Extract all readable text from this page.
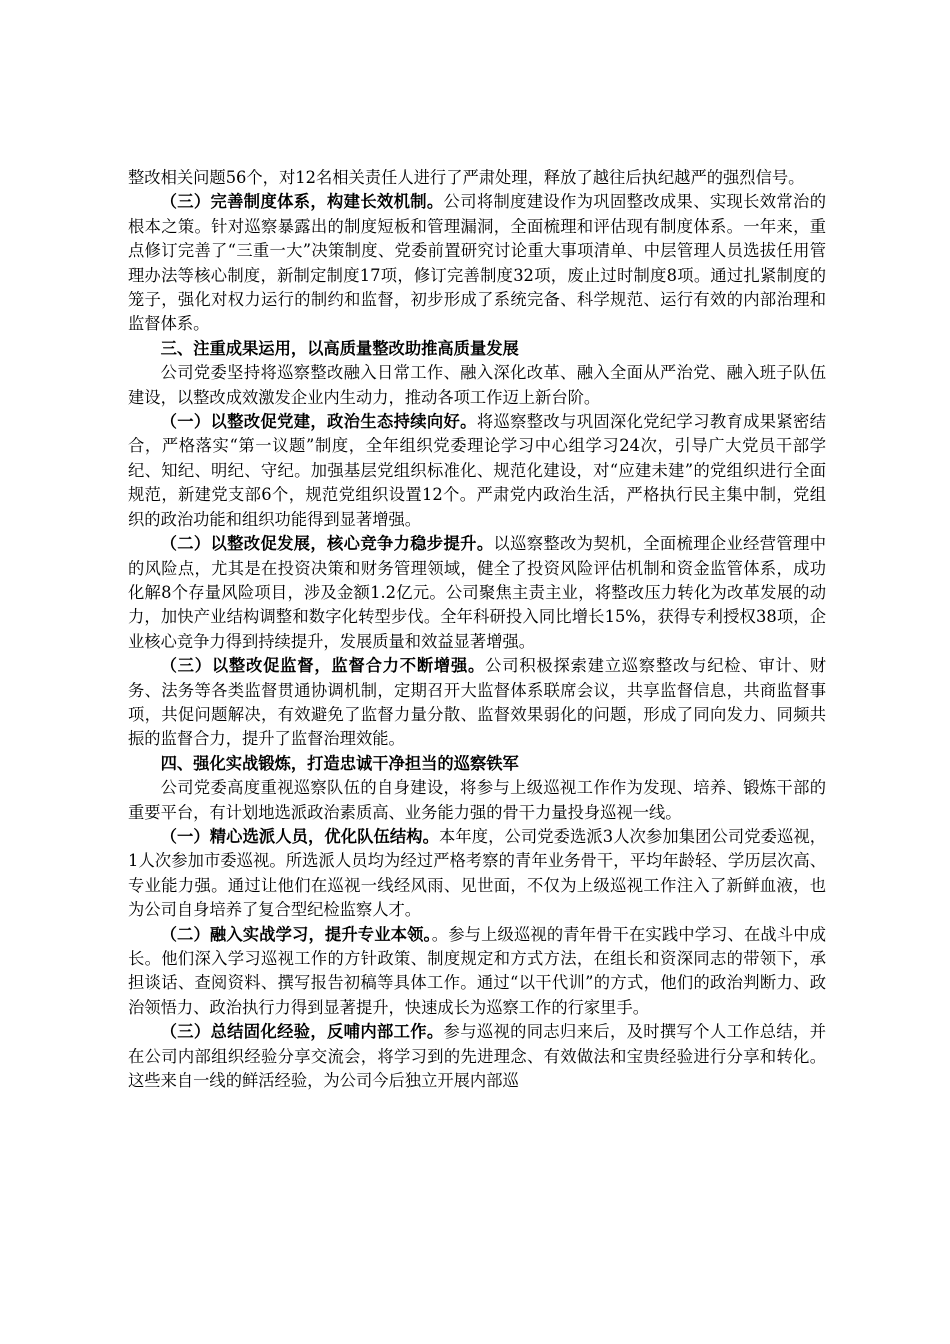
整改相关问题56个，对12名相关责任人进行了严肃处理，释放了越往后执纪越严的强烈信号。

（三）完善制度体系，构建长效机制。公司将制度建设作为巩固整改成果、实现长效常治的根本之策。针对巡察暴露出的制度短板和管理漏洞，全面梳理和评估现有制度体系。一年来，重点修订完善了“三重一大”决策制度、党委前置研究讨论重大事项清单、中层管理人员选拔任用管理办法等核心制度，新制定制度17项，修订完善制度32项，废止过时制度8项。通过扎紧制度的笼子，强化对权力运行的制约和监督，初步形成了系统完备、科学规范、运行有效的内部治理和监督体系。

三、注重成果运用，以高质量整改助推高质量发展

公司党委坚持将巡察整改融入日常工作、融入深化改革、融入全面从严治党、融入班子队伍建设，以整改成效激发企业内生动力，推动各项工作迈上新台阶。

（一）以整改促党建，政治生态持续向好。将巡察整改与巩固深化党纪学习教育成果紧密结合，严格落实“第一议题”制度，全年组织党委理论学习中心组学习24次，引导广大党员干部学纪、知纪、明纪、守纪。加强基层党组织标准化、规范化建设，对“应建未建”的党组织进行全面规范，新建党支部6个，规范党组织设置12个。严肃党内政治生活，严格执行民主集中制，党组织的政治功能和组织功能得到显著增强。

（二）以整改促发展，核心竞争力稳步提升。以巡察整改为契机，全面梳理企业经营管理中的风险点，尤其是在投资决策和财务管理领域，健全了投资风险评估机制和资金监管体系，成功化解8个存量风险项目，涉及金额1.2亿元。公司聚焦主责主业，将整改压力转化为改革发展的动力，加快产业结构调整和数字化转型步伐。全年科研投入同比增长15%，获得专利授权38项，企业核心竞争力得到持续提升，发展质量和效益显著增强。

（三）以整改促监督，监督合力不断增强。公司积极探索建立巡察整改与纪检、审计、财务、法务等各类监督贯通协调机制，定期召开大监督体系联席会议，共享监督信息，共商监督事项，共促问题解决，有效避免了监督力量分散、监督效果弱化的问题，形成了同向发力、同频共振的监督合力，提升了监督治理效能。

四、强化实战锻炼，打造忠诚干净担当的巡察铁军

公司党委高度重视巡察队伍的自身建设，将参与上级巡视工作作为发现、培养、锻炼干部的重要平台，有计划地选派政治素质高、业务能力强的骨干力量投身巡视一线。

（一）精心选派人员，优化队伍结构。本年度，公司党委选派3人次参加集团公司党委巡视，1人次参加市委巡视。所选派人员均为经过严格考察的青年业务骨干，平均年龄轻、学历层次高、专业能力强。通过让他们在巡视一线经风雨、见世面，不仅为上级巡视工作注入了新鲜血液，也为公司自身培养了复合型纪检监察人才。

（二）融入实战学习，提升专业本领。。参与上级巡视的青年骨干在实践中学习、在战斗中成长。他们深入学习巡视工作的方针政策、制度规定和方式方法，在组长和资深同志的带领下，承担谈话、查阅资料、撰写报告初稿等具体工作。通过“以干代训”的方式，他们的政治判断力、政治领悟力、政治执行力得到显著提升，快速成长为巡察工作的行家里手。

（三）总结固化经验，反哺内部工作。参与巡视的同志归来后，及时撰写个人工作总结，并在公司内部组织经验分享交流会，将学习到的先进理念、有效做法和宝贵经验进行分享和转化。这些来自一线的鲜活经验，为公司今后独立开展内部巡
